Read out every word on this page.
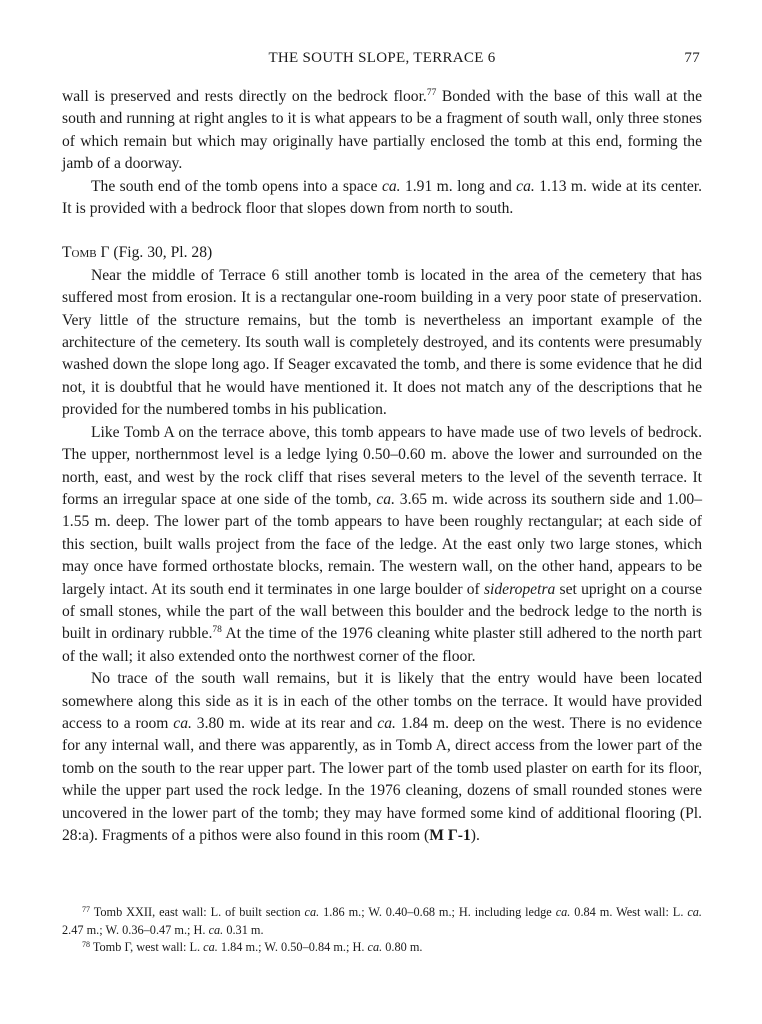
THE SOUTH SLOPE, TERRACE 6	77

wall is preserved and rests directly on the bedrock floor.$^{77}$ Bonded with the base of this wall at the south and running at right angles to it is what appears to be a fragment of south wall, only three stones of which remain but which may originally have partially enclosed the tomb at this end, forming the jamb of a doorway.

The south end of the tomb opens into a space ca. 1.91 m. long and ca. 1.13 m. wide at its center. It is provided with a bedrock floor that slopes down from north to south.

Tomb Γ (Fig. 30, Pl. 28)

Near the middle of Terrace 6 still another tomb is located in the area of the cemetery that has suffered most from erosion. It is a rectangular one-room building in a very poor state of preservation. Very little of the structure remains, but the tomb is nevertheless an important example of the architecture of the cemetery. Its south wall is completely destroyed, and its contents were presumably washed down the slope long ago. If Seager excavated the tomb, and there is some evidence that he did not, it is doubtful that he would have mentioned it. It does not match any of the descriptions that he provided for the numbered tombs in his publication.

Like Tomb A on the terrace above, this tomb appears to have made use of two levels of bedrock. The upper, northernmost level is a ledge lying 0.50–0.60 m. above the lower and surrounded on the north, east, and west by the rock cliff that rises several meters to the level of the seventh terrace. It forms an irregular space at one side of the tomb, ca. 3.65 m. wide across its southern side and 1.00–1.55 m. deep. The lower part of the tomb appears to have been roughly rectangular; at each side of this section, built walls project from the face of the ledge. At the east only two large stones, which may once have formed orthostate blocks, remain. The western wall, on the other hand, appears to be largely intact. At its south end it terminates in one large boulder of sideropetra set upright on a course of small stones, while the part of the wall between this boulder and the bedrock ledge to the north is built in ordinary rubble.$^{78}$ At the time of the 1976 cleaning white plaster still adhered to the north part of the wall; it also extended onto the northwest corner of the floor.

No trace of the south wall remains, but it is likely that the entry would have been located somewhere along this side as it is in each of the other tombs on the terrace. It would have provided access to a room ca. 3.80 m. wide at its rear and ca. 1.84 m. deep on the west. There is no evidence for any internal wall, and there was apparently, as in Tomb A, direct access from the lower part of the tomb on the south to the rear upper part. The lower part of the tomb used plaster on earth for its floor, while the upper part used the rock ledge. In the 1976 cleaning, dozens of small rounded stones were uncovered in the lower part of the tomb; they may have formed some kind of additional flooring (Pl. 28:a). Fragments of a pithos were also found in this room (M Γ-1).

$^{77}$ Tomb XXII, east wall: L. of built section ca. 1.86 m.; W. 0.40–0.68 m.; H. including ledge ca. 0.84 m. West wall: L. ca. 2.47 m.; W. 0.36–0.47 m.; H. ca. 0.31 m.

$^{78}$ Tomb Γ, west wall: L. ca. 1.84 m.; W. 0.50–0.84 m.; H. ca. 0.80 m.
